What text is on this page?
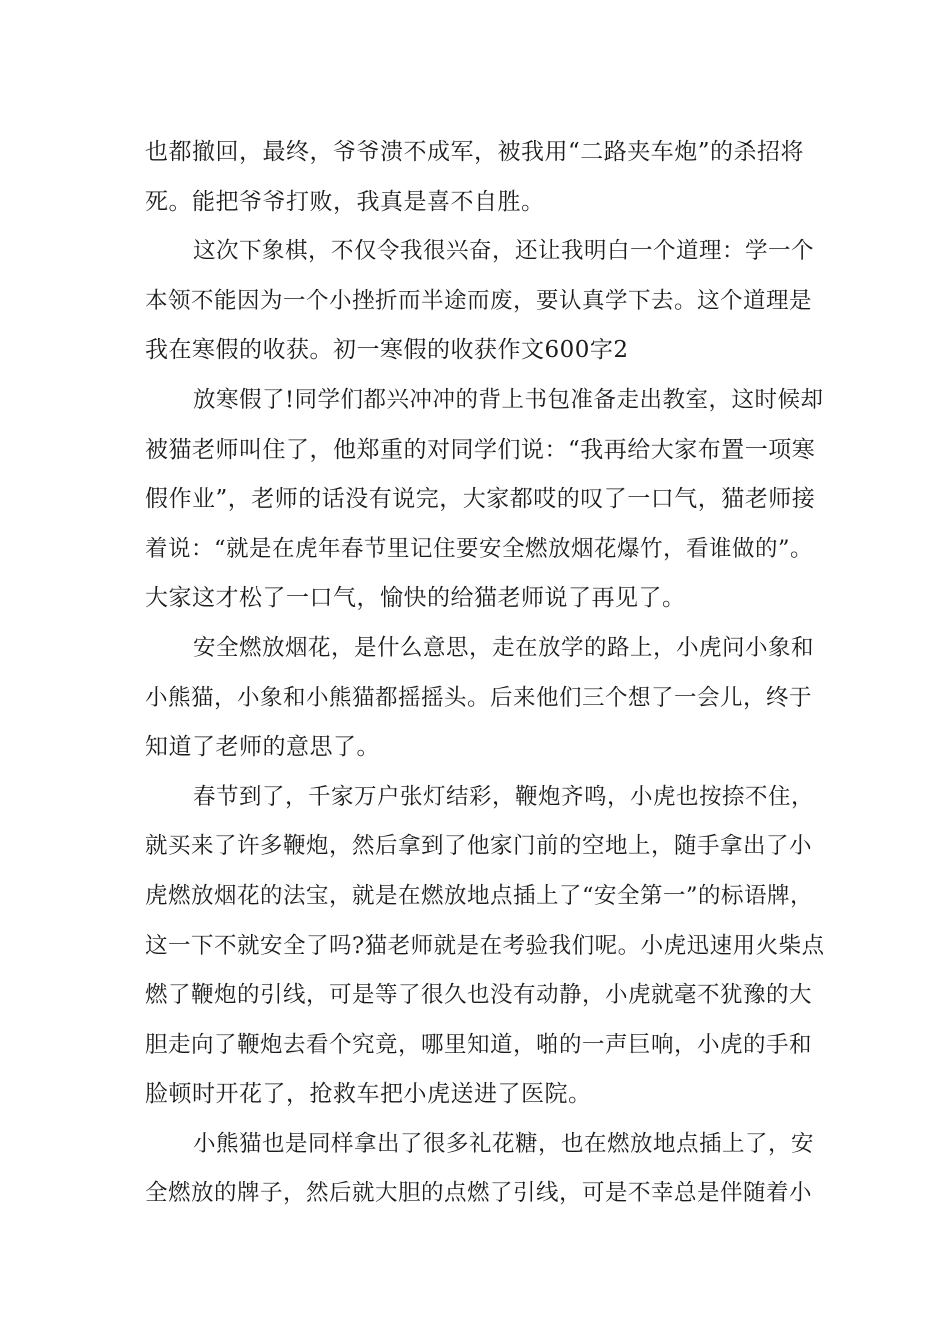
也都撤回，最终，爷爷溃不成军，被我用“二路夹车炮”的杀招将
死。能把爷爷打败，我真是喜不自胜。
这次下象棋，不仅令我很兴奋，还让我明白一个道理：学一个
本领不能因为一个小挫折而半途而废，要认真学下去。这个道理是
我在寒假的收获。初一寒假的收获作文600字2
放寒假了!同学们都兴冲冲的背上书包准备走出教室，这时候却
被猫老师叫住了，他郑重的对同学们说：“我再给大家布置一项寒
假作业”，老师的话没有说完，大家都哎的叹了一口气，猫老师接
着说：“就是在虎年春节里记住要安全燃放烟花爆竹，看谁做的”。
大家这才松了一口气，愉快的给猫老师说了再见了。
安全燃放烟花，是什么意思，走在放学的路上，小虎问小象和
小熊猫，小象和小熊猫都摇摇头。后来他们三个想了一会儿，终于
知道了老师的意思了。
春节到了，千家万户张灯结彩，鞭炮齐鸣，小虎也按捺不住，
就买来了许多鞭炮，然后拿到了他家门前的空地上，随手拿出了小
虎燃放烟花的法宝，就是在燃放地点插上了“安全第一”的标语牌，
这一下不就安全了吗?猫老师就是在考验我们呢。小虎迅速用火柴点
燃了鞭炮的引线，可是等了很久也没有动静，小虎就毫不犹豫的大
胆走向了鞭炮去看个究竟，哪里知道，啪的一声巨响，小虎的手和
脸顿时开花了，抢救车把小虎送进了医院。
小熊猫也是同样拿出了很多礼花糖，也在燃放地点插上了，安
全燃放的牌子，然后就大胆的点燃了引线，可是不幸总是伴随着小
